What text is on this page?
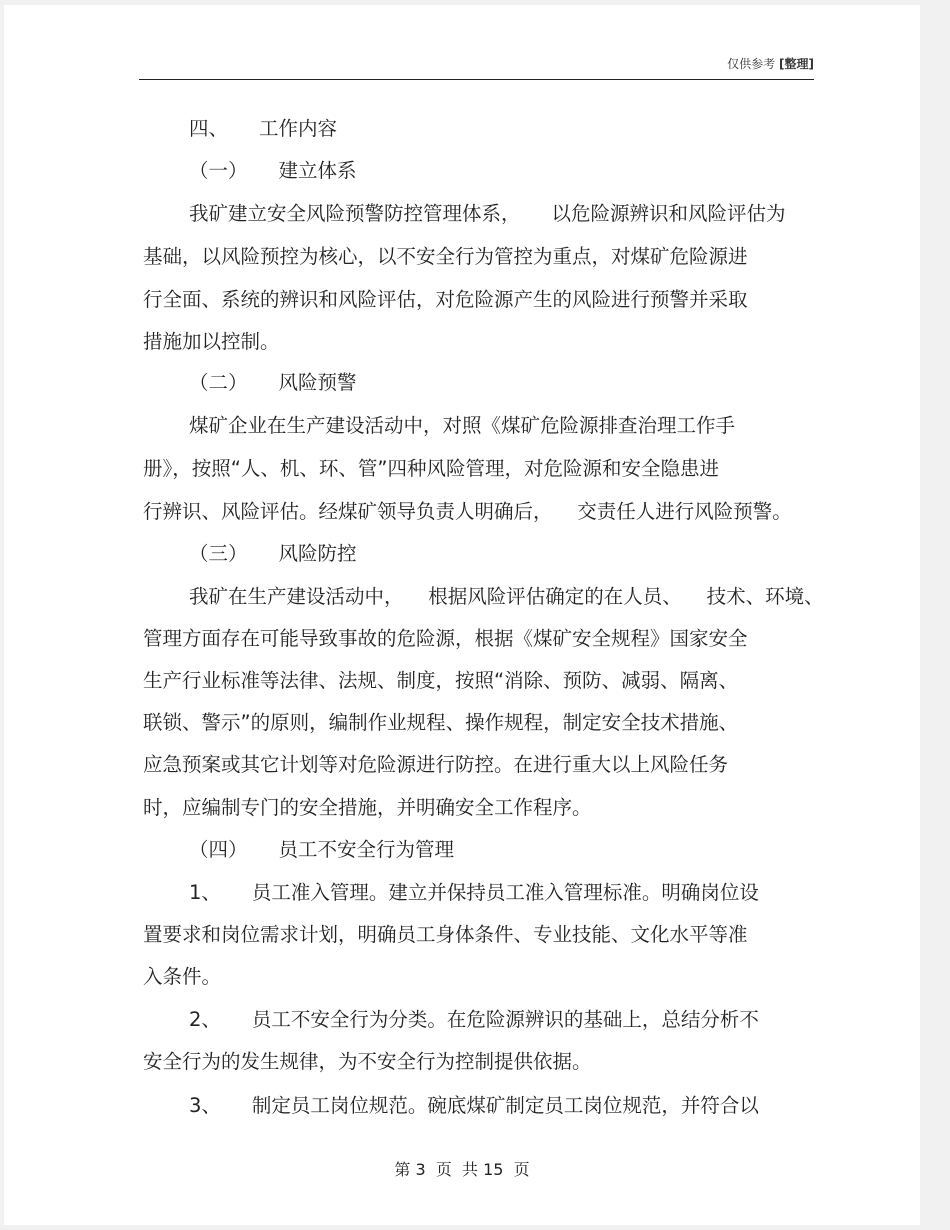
仅供参考 [整理]
四、     工作内容
（一）     建立体系
我矿建立安全风险预警防控管理体系，     以危险源辨识和风险评估为
基础，以风险预控为核心，以不安全行为管控为重点，对煤矿危险源进
行全面、系统的辨识和风险评估，对危险源产生的风险进行预警并采取
措施加以控制。
（二）     风险预警
煤矿企业在生产建设活动中，对照《煤矿危险源排查治理工作手
册》，按照“人、机、环、管”四种风险管理，对危险源和安全隐患进
行辨识、风险评估。经煤矿领导负责人明确后，    交责任人进行风险预警。
（三）     风险防控
我矿在生产建设活动中，    根据风险评估确定的在人员、    技术、环境、
管理方面存在可能导致事故的危险源，根据《煤矿安全规程》国家安全
生产行业标准等法律、法规、制度，按照“消除、预防、减弱、隔离、
联锁、警示”的原则，编制作业规程、操作规程，制定安全技术措施、
应急预案或其它计划等对危险源进行防控。在进行重大以上风险任务
时，应编制专门的安全措施，并明确安全工作程序。
（四）     员工不安全行为管理
1、     员工准入管理。建立并保持员工准入管理标准。明确岗位设
置要求和岗位需求计划，明确员工身体条件、专业技能、文化水平等准
入条件。
2、     员工不安全行为分类。在危险源辨识的基础上，总结分析不
安全行为的发生规律，为不安全行为控制提供依据。
3、     制定员工岗位规范。碗底煤矿制定员工岗位规范，并符合以
第 3  页  共 15  页
